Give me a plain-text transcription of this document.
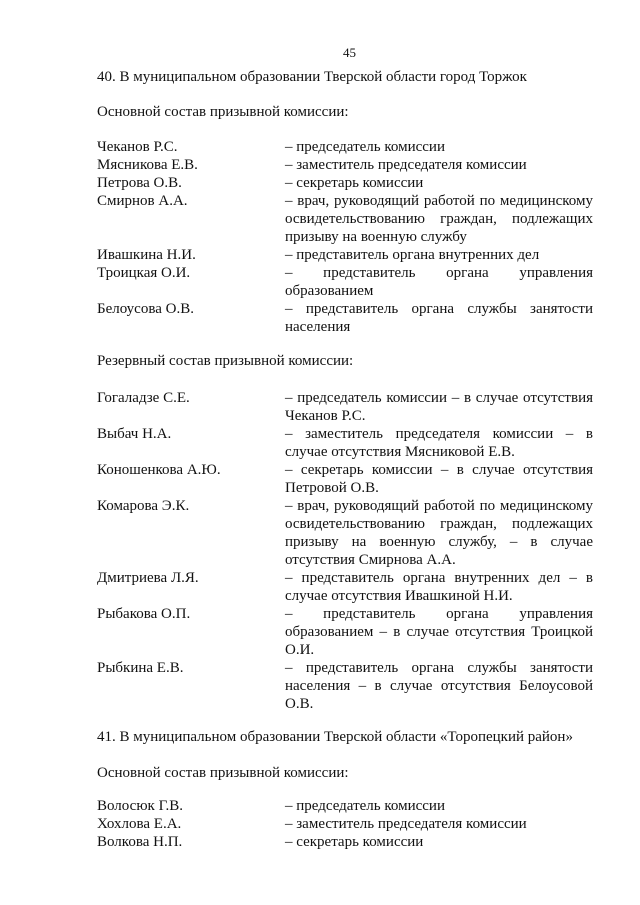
45
40. В муниципальном образовании Тверской области город Торжок
Основной состав призывной комиссии:
Чеканов Р.С.	– председатель комиссии
Мясникова Е.В.	– заместитель председателя комиссии
Петрова О.В.	– секретарь комиссии
Смирнов А.А.	– врач, руководящий работой по медицинскому освидетельствованию граждан, подлежащих призыву на военную службу
Ивашкина Н.И.	– представитель органа внутренних дел
Троицкая О.И.	– представитель органа управления образованием
Белоусова О.В.	– представитель органа службы занятости населения
Резервный состав призывной комиссии:
Гогаладзе С.Е.	– председатель комиссии – в случае отсутствия Чеканов Р.С.
Выбач Н.А.	– заместитель председателя комиссии – в случае отсутствия Мясниковой Е.В.
Коношенкова А.Ю.	– секретарь комиссии – в случае отсутствия Петровой О.В.
Комарова Э.К.	– врач, руководящий работой по медицинскому освидетельствованию граждан, подлежащих призыву на военную службу, – в случае отсутствия Смирнова А.А.
Дмитриева Л.Я.	– представитель органа внутренних дел – в случае отсутствия Ивашкиной Н.И.
Рыбакова О.П.	– представитель органа управления образованием – в случае отсутствия Троицкой О.И.
Рыбкина Е.В.	– представитель органа службы занятости населения – в случае отсутствия Белоусовой О.В.
41. В муниципальном образовании Тверской области «Торопецкий район»
Основной состав призывной комиссии:
Волосюк Г.В.	– председатель комиссии
Хохлова Е.А.	– заместитель председателя комиссии
Волкова Н.П.	– секретарь комиссии
